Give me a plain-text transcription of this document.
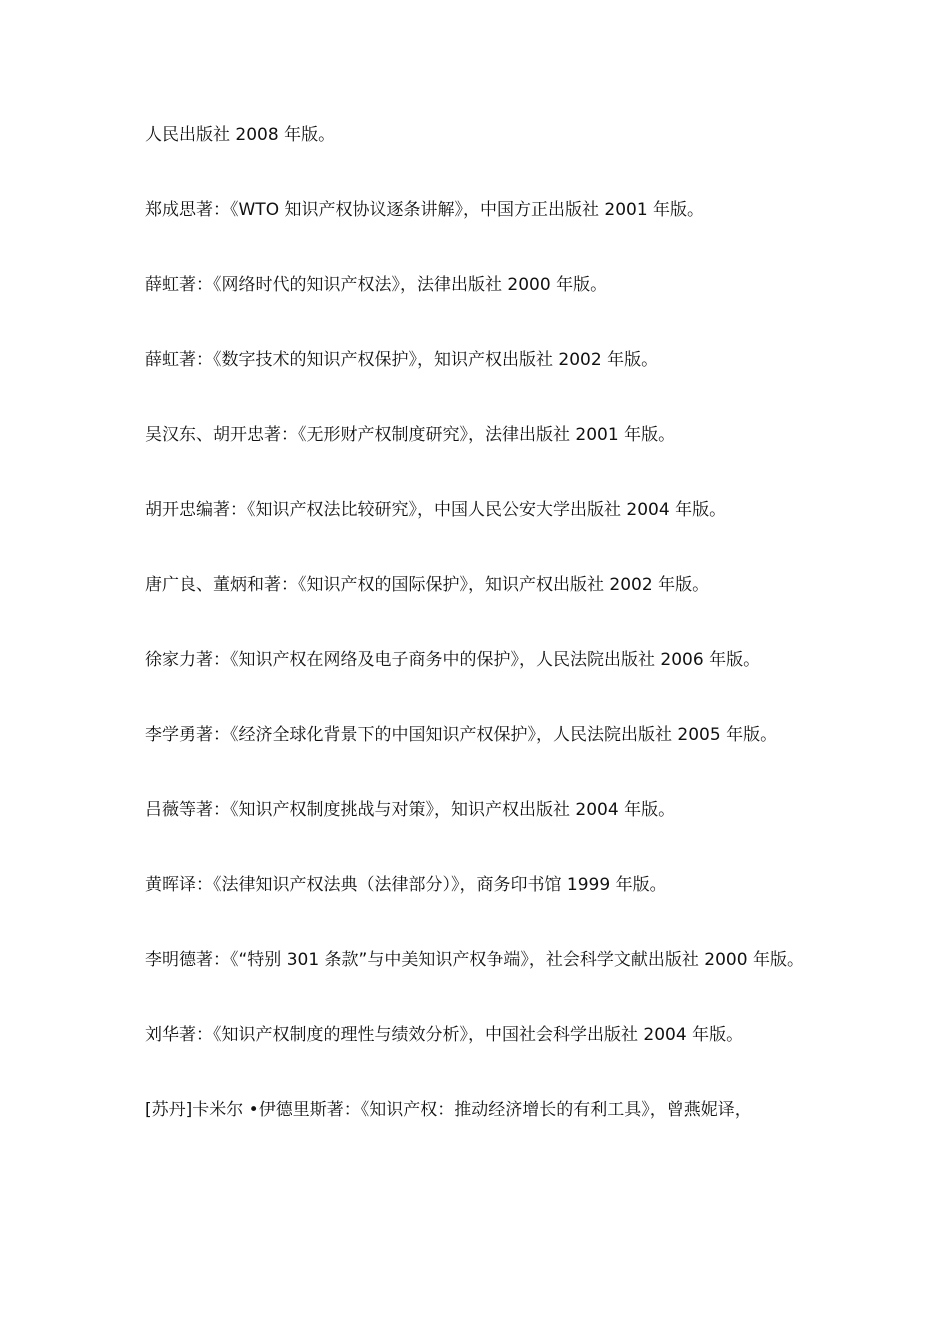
人民出版社 2008 年版。

郑成思著：《WTO 知识产权协议逐条讲解》，中国方正出版社 2001 年版。

薛虹著：《网络时代的知识产权法》，法律出版社 2000 年版。

薛虹著：《数字技术的知识产权保护》，知识产权出版社 2002 年版。

吴汉东、胡开忠著：《无形财产权制度研究》，法律出版社 2001 年版。

胡开忠编著：《知识产权法比较研究》，中国人民公安大学出版社 2004 年版。

唐广良、董炳和著：《知识产权的国际保护》，知识产权出版社 2002 年版。

徐家力著：《知识产权在网络及电子商务中的保护》，人民法院出版社 2006 年版。

李学勇著：《经济全球化背景下的中国知识产权保护》，人民法院出版社 2005 年版。

吕薇等著：《知识产权制度挑战与对策》，知识产权出版社 2004 年版。

黄晖译：《法律知识产权法典（法律部分）》，商务印书馆 1999 年版。

李明德著：《“特别 301 条款”与中美知识产权争端》，社会科学文献出版社 2000 年版。

刘华著：《知识产权制度的理性与绩效分析》，中国社会科学出版社 2004 年版。

[苏丹]卡米尔 •伊德里斯著：《知识产权：推动经济增长的有利工具》，曾燕妮译，
